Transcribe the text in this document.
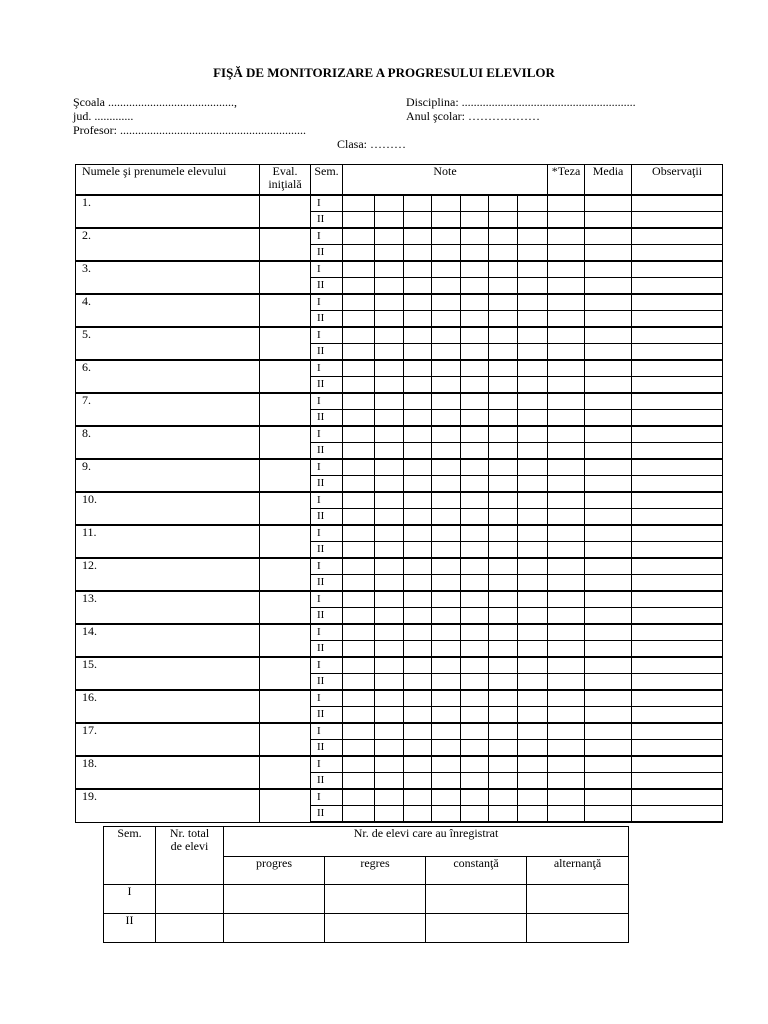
FIŞĂ DE MONITORIZARE A PROGRESULUI ELEVILOR
Şcoala ..........................................,
jud. .............
Profesor: ..............................................................
Disciplina: ..........................................................
Anul şcolar: ………………
Clasa: ………
Numele şi prenumele elevului	Eval.
iniţială	Sem.	Note							*Teza	Media	Observaţii
1.		I										
		II										
2.		I										
		II										
3.		I										
		II										
4.		I										
		II										
5.		I										
		II										
6.		I										
		II										
7.		I										
		II										
8.		I										
		II										
9.		I										
		II										
10.		I										
		II										
11.		I										
		II										
12.		I										
		II										
13.		I										
		II										
14.		I										
		II										
15.		I										
		II										
16.		I										
		II										
17.		I										
		II										
18.		I										
		II										
19.		I										
		II										
Sem.	Nr. total
de elevi	Nr. de elevi care au înregistrat			
		progres	regres	constanţă	alternanţă
I					
II					
